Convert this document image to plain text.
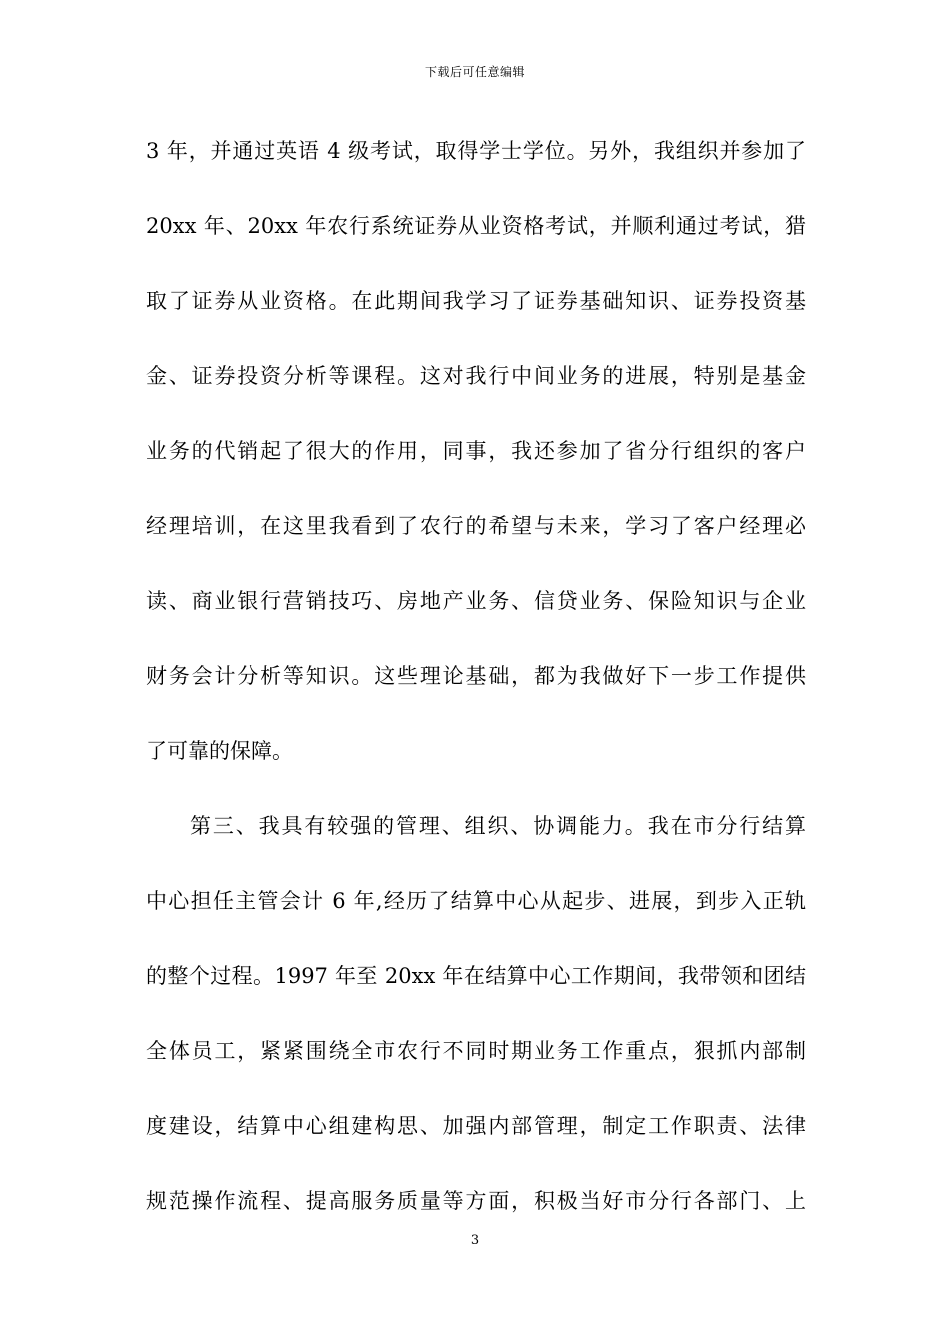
下载后可任意编辑
3 年，并通过英语 4 级考试，取得学士学位。另外，我组织并参加了
20xx 年、20xx 年农行系统证券从业资格考试，并顺利通过考试，猎
取了证券从业资格。在此期间我学习了证券基础知识、证券投资基
金、证券投资分析等课程。这对我行中间业务的进展，特别是基金
业务的代销起了很大的作用，同事，我还参加了省分行组织的客户
经理培训，在这里我看到了农行的希望与未来，学习了客户经理必
读、商业银行营销技巧、房地产业务、信贷业务、保险知识与企业
财务会计分析等知识。这些理论基础，都为我做好下一步工作提供
了可靠的保障。
第三、我具有较强的管理、组织、协调能力。我在市分行结算
中心担任主管会计 6 年,经历了结算中心从起步、进展，到步入正轨
的整个过程。1997 年至 20xx 年在结算中心工作期间，我带领和团结
全体员工，紧紧围绕全市农行不同时期业务工作重点，狠抓内部制
度建设，结算中心组建构思、加强内部管理，制定工作职责、法律
规范操作流程、提高服务质量等方面，积极当好市分行各部门、上
3
